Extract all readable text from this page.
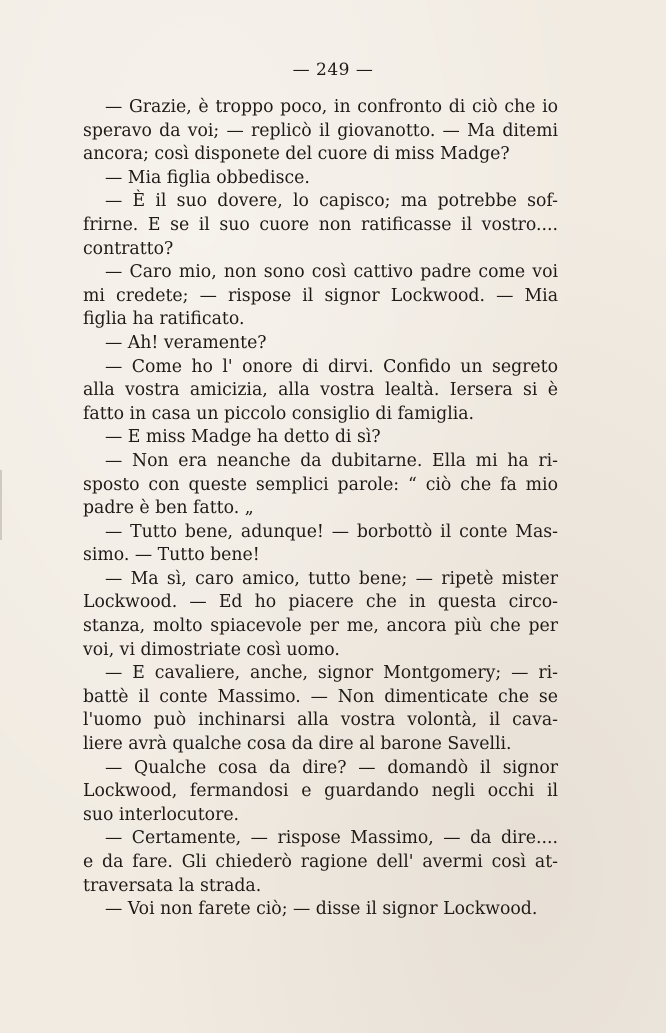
— 249 —
— Grazie, è troppo poco, in confronto di ciò che io
speravo da voi; — replicò il giovanotto. — Ma ditemi
ancora; così disponete del cuore di miss Madge?
— Mia figlia obbedisce.
— È il suo dovere, lo capisco; ma potrebbe sof-
frirne. E se il suo cuore non ratificasse il vostro....
contratto?
— Caro mio, non sono così cattivo padre come voi
mi credete; — rispose il signor Lockwood. — Mia
figlia ha ratificato.
— Ah! veramente?
— Come ho l' onore di dirvi. Confido un segreto
alla vostra amicizia, alla vostra lealtà. Iersera si è
fatto in casa un piccolo consiglio di famiglia.
— E miss Madge ha detto di sì?
— Non era neanche da dubitarne. Ella mi ha ri-
sposto con queste semplici parole: “ ciò che fa mio
padre è ben fatto. „
— Tutto bene, adunque! — borbottò il conte Mas-
simo. — Tutto bene!
— Ma sì, caro amico, tutto bene; — ripetè mister
Lockwood. — Ed ho piacere che in questa circo-
stanza, molto spiacevole per me, ancora più che per
voi, vi dimostriate così uomo.
— E cavaliere, anche, signor Montgomery; — ri-
battè il conte Massimo. — Non dimenticate che se
l'uomo può inchinarsi alla vostra volontà, il cava-
liere avrà qualche cosa da dire al barone Savelli.
— Qualche cosa da dire? — domandò il signor
Lockwood, fermandosi e guardando negli occhi il
suo interlocutore.
— Certamente, — rispose Massimo, — da dire....
e da fare. Gli chiederò ragione dell' avermi così at-
traversata la strada.
— Voi non farete ciò; — disse il signor Lockwood.
